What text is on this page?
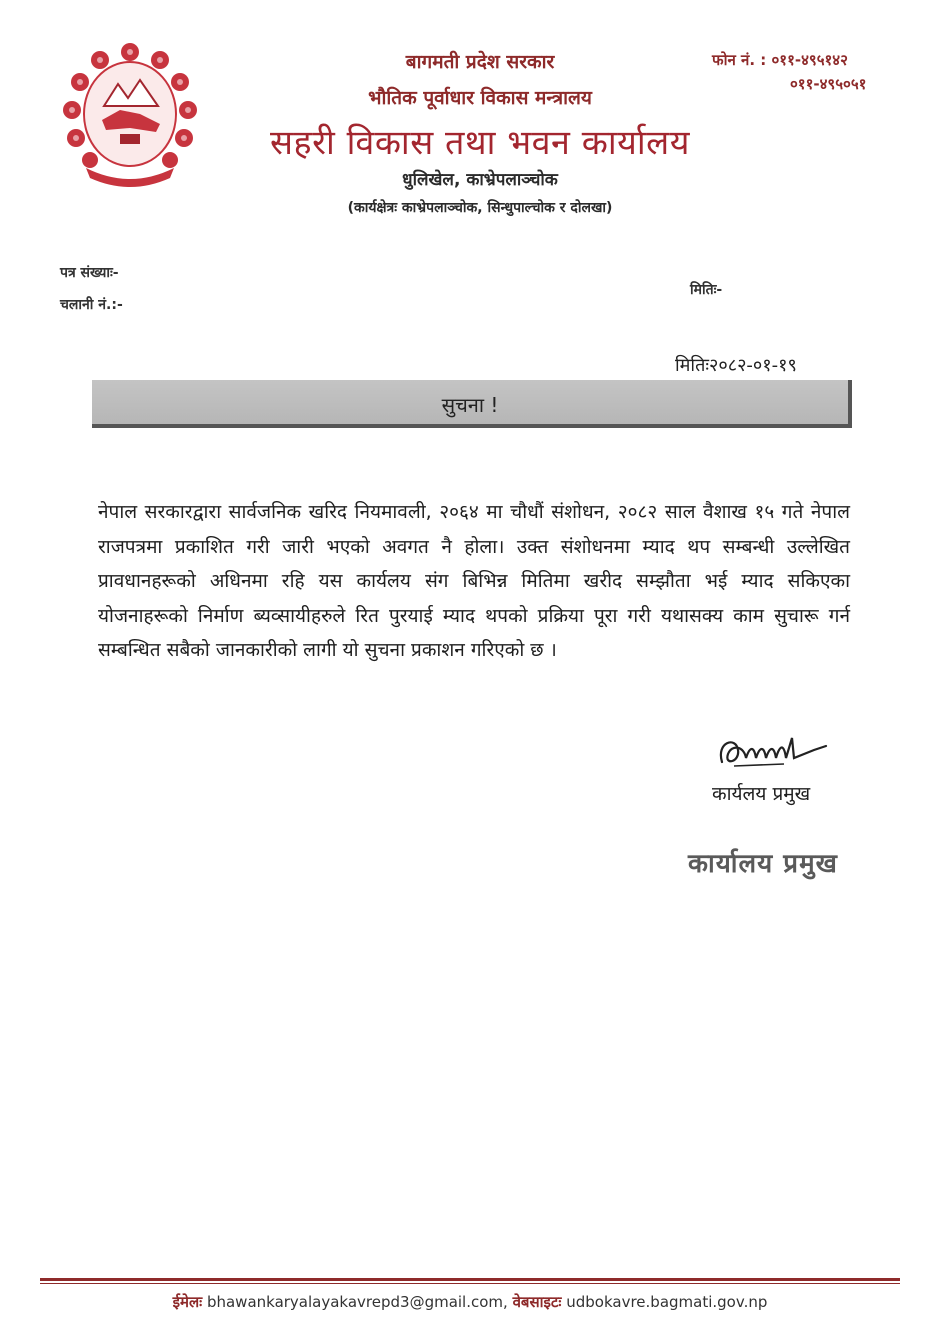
बागमती प्रदेश सरकार
भौतिक पूर्वाधार विकास मन्त्रालय
सहरी विकास तथा भवन कार्यालय
धुलिखेल, काभ्रेपलाञ्चोक
(कार्यक्षेत्रः काभ्रेपलाञ्चोक, सिन्धुपाल्चोक र दोलखा)
फोन नं. : ०११-४९५१४२
०११-४९५०५१
पत्र संख्याः-
चलानी नं.:-
मितिः-
मितिः२०८२-०१-१९
सुचना !
नेपाल सरकारद्वारा सार्वजनिक खरिद नियमावली, २०६४ मा चौधौं संशोधन, २०८२ साल वैशाख १५ गते नेपाल राजपत्रमा प्रकाशित गरी जारी भएको अवगत नै होला। उक्त संशोधनमा म्याद थप सम्बन्धी उल्लेखित प्रावधानहरूको अधिनमा रहि यस कार्यलय संग बिभिन्न मितिमा खरीद सम्झौता भई म्याद सकिएका योजनाहरूको निर्माण ब्यव्सायीहरुले रित पुरयाई म्याद थपको प्रक्रिया पूरा गरी यथासक्य काम सुचारू गर्न सम्बन्धित सबैको जानकारीको लागी यो सुचना प्रकाशन गरिएको छ ।
कार्यलय प्रमुख
कार्यालय प्रमुख
ईमेलः bhawankaryalayakavrepd3@gmail.com, वेबसाइटः udbokavre.bagmati.gov.np
